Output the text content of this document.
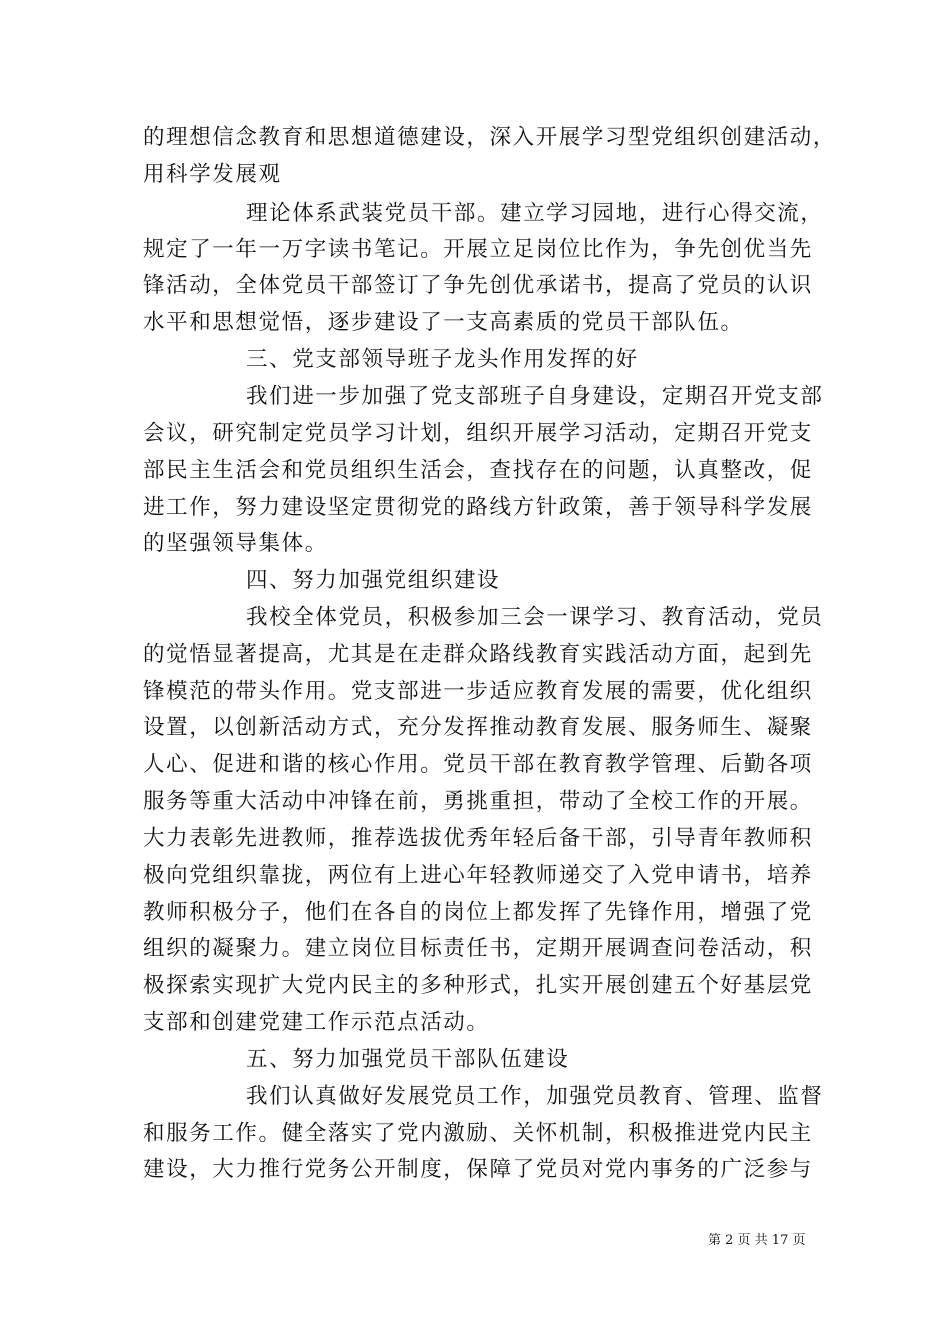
的理想信念教育和思想道德建设，深入开展学习型党组织创建活动，
用科学发展观
理论体系武装党员干部。建立学习园地，进行心得交流，
规定了一年一万字读书笔记。开展立足岗位比作为，争先创优当先
锋活动，全体党员干部签订了争先创优承诺书，提高了党员的认识
水平和思想觉悟，逐步建设了一支高素质的党员干部队伍。
三、党支部领导班子龙头作用发挥的好
我们进一步加强了党支部班子自身建设，定期召开党支部
会议，研究制定党员学习计划，组织开展学习活动，定期召开党支
部民主生活会和党员组织生活会，查找存在的问题，认真整改，促
进工作，努力建设坚定贯彻党的路线方针政策，善于领导科学发展
的坚强领导集体。
四、努力加强党组织建设
我校全体党员，积极参加三会一课学习、教育活动，党员
的觉悟显著提高，尤其是在走群众路线教育实践活动方面，起到先
锋模范的带头作用。党支部进一步适应教育发展的需要，优化组织
设置，以创新活动方式，充分发挥推动教育发展、服务师生、凝聚
人心、促进和谐的核心作用。党员干部在教育教学管理、后勤各项
服务等重大活动中冲锋在前，勇挑重担，带动了全校工作的开展。
大力表彰先进教师，推荐选拔优秀年轻后备干部，引导青年教师积
极向党组织靠拢，两位有上进心年轻教师递交了入党申请书，培养
教师积极分子，他们在各自的岗位上都发挥了先锋作用，增强了党
组织的凝聚力。建立岗位目标责任书，定期开展调查问卷活动，积
极探索实现扩大党内民主的多种形式，扎实开展创建五个好基层党
支部和创建党建工作示范点活动。
五、努力加强党员干部队伍建设
我们认真做好发展党员工作，加强党员教育、管理、监督
和服务工作。健全落实了党内激励、关怀机制，积极推进党内民主
建设，大力推行党务公开制度，保障了党员对党内事务的广泛参与
第 2 页 共 17 页
